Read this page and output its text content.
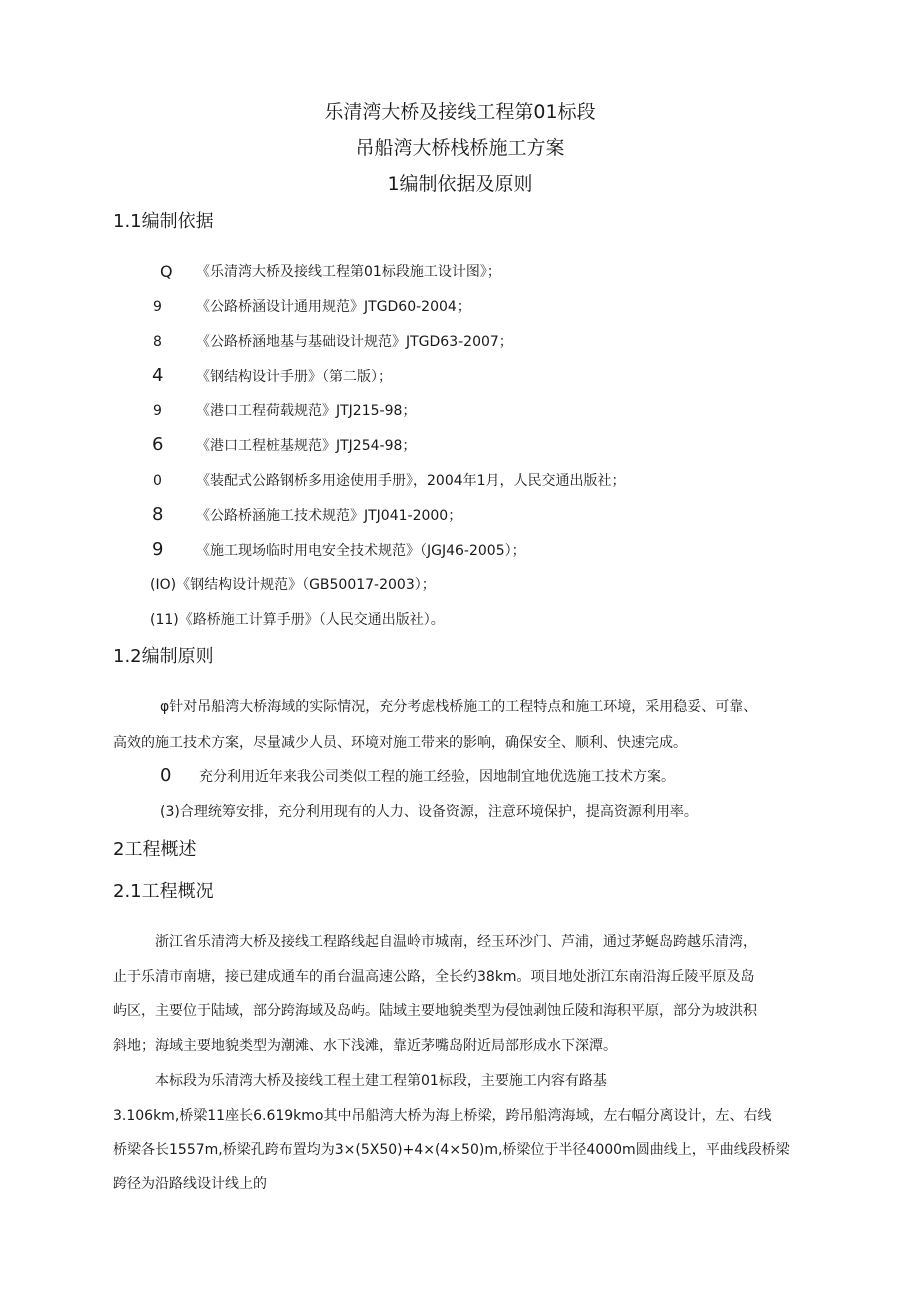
乐清湾大桥及接线工程第01标段
吊船湾大桥栈桥施工方案
1编制依据及原则
1.1编制依据
Q 《乐清湾大桥及接线工程第01标段施工设计图》；
9 《公路桥涵设计通用规范》JTGD60-2004；
8 《公路桥涵地基与基础设计规范》JTGD63-2007；
4 《钢结构设计手册》（第二版）；
9 《港口工程荷载规范》JTJ215-98；
6 《港口工程桩基规范》JTJ254-98；
0 《装配式公路钢桥多用途使用手册》，2004年1月，人民交通出版社；
8 《公路桥涵施工技术规范》JTJ041-2000；
9 《施工现场临时用电安全技术规范》（JGJ46-2005）；
(IO)《钢结构设计规范》（GB50017-2003）；
(11)《路桥施工计算手册》（人民交通出版社）。
1.2编制原则
φ针对吊船湾大桥海域的实际情况，充分考虑栈桥施工的工程特点和施工环境，采用稳妥、可靠、
高效的施工技术方案，尽量减少人员、环境对施工带来的影响，确保安全、顺利、快速完成。
0 充分利用近年来我公司类似工程的施工经验，因地制宜地优选施工技术方案。
(3)合理统筹安排，充分利用现有的人力、设备资源，注意环境保护，提高资源利用率。
2工程概述
2.1工程概况
浙江省乐清湾大桥及接线工程路线起自温岭市城南，经玉环沙门、芦浦，通过茅蜒岛跨越乐清湾，
止于乐清市南塘，接已建成通车的甬台温高速公路，全长约38km。项目地处浙江东南沿海丘陵平原及岛
屿区，主要位于陆域，部分跨海域及岛屿。陆域主要地貌类型为侵蚀剥蚀丘陵和海积平原，部分为坡洪积
斜地；海域主要地貌类型为潮滩、水下浅滩，靠近茅嘴岛附近局部形成水下深潭。
本标段为乐清湾大桥及接线工程土建工程第01标段，主要施工内容有路基
3.106km,桥梁11座长6.619kmo其中吊船湾大桥为海上桥梁，跨吊船湾海域，左右幅分离设计，左、右线
桥梁各长1557m,桥梁孔跨布置均为3×(5X50)+4×(4×50)m,桥梁位于半径4000m圆曲线上，平曲线段桥梁
跨径为沿路线设计线上的
